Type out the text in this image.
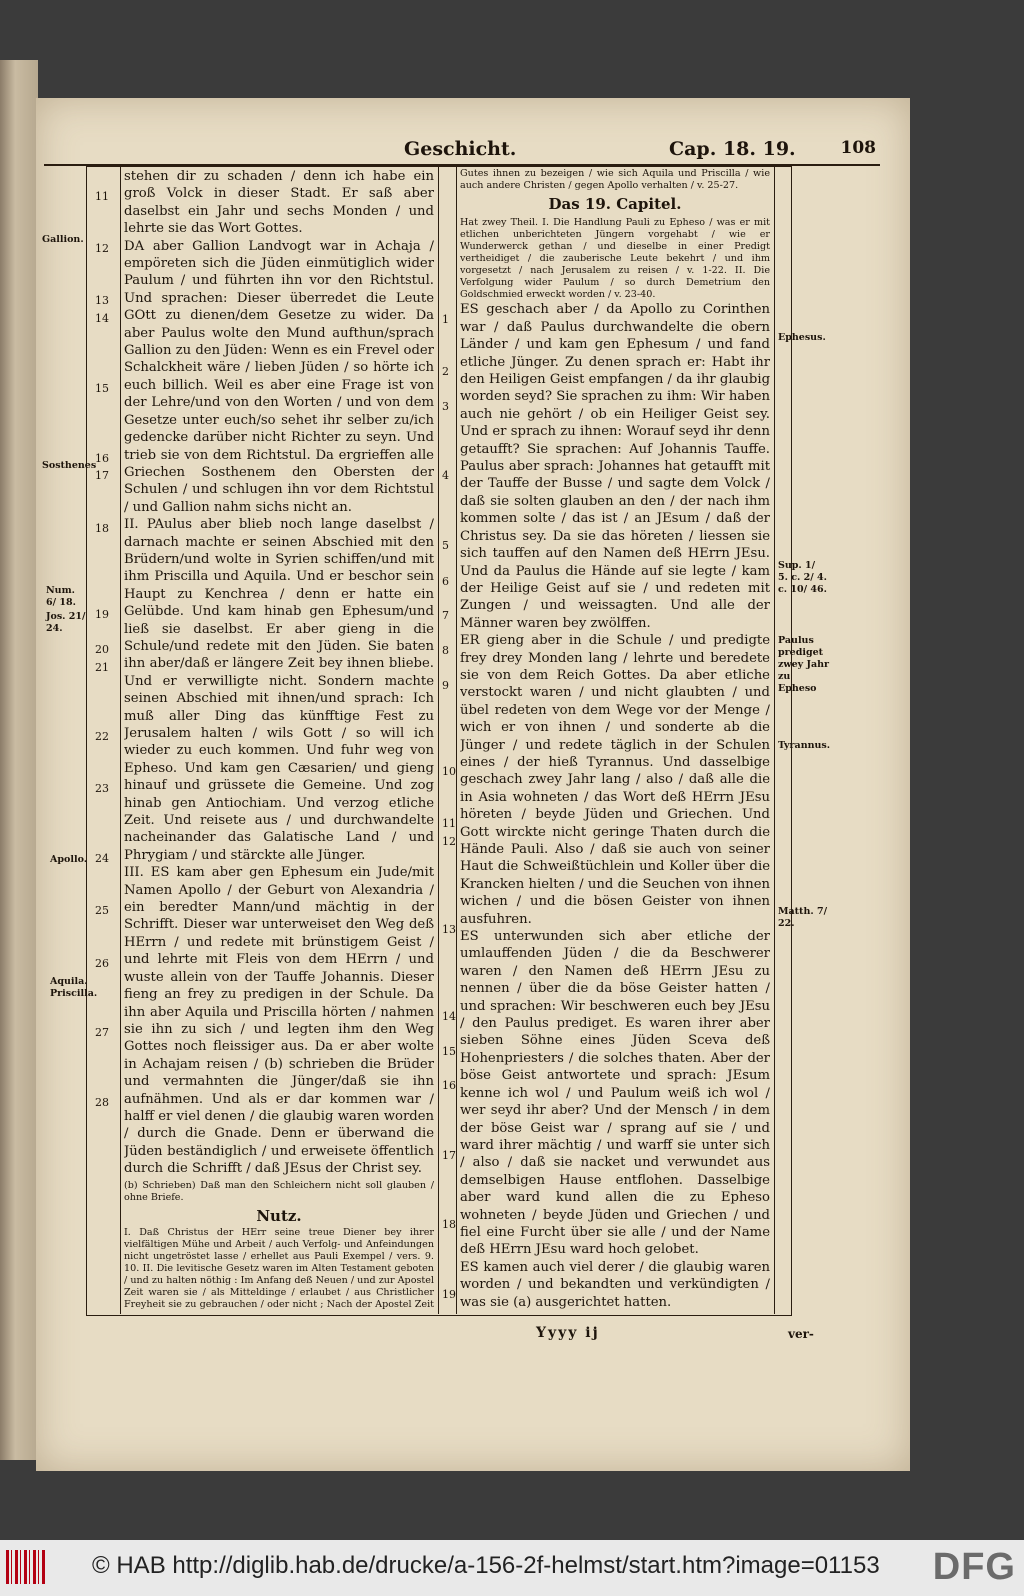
Geschicht.	Cap. 18. 19.	108
Gallion.
Sosthenes
Num. 6/ 18.
Jos. 21/ 24.
Apollo.
Aquila. Priscilla.
11
12
13
14
15
16
17
18
19
20
21
22
23
24
25
26
27
28

stehen dir zu schaden / denn ich habe ein groß Volck in dieser Stadt. Er saß aber daselbst ein Jahr und sechs Monden / und lehrte sie das Wort Gottes.

DA aber Gallion Landvogt war in Achaja / empöreten sich die Jüden einmütiglich wider Paulum / und führten ihn vor den Richtstul. Und sprachen: Dieser überredet die Leute GOtt zu dienen/dem Gesetze zu wider. Da aber Paulus wolte den Mund aufthun/sprach Gallion zu den Jüden: Wenn es ein Frevel oder Schalckheit wäre / lieben Jüden / so hörte ich euch billich. Weil es aber eine Frage ist von der Lehre/und von den Worten / und von dem Gesetze unter euch/so sehet ihr selber zu/ich gedencke darüber nicht Richter zu seyn. Und trieb sie von dem Richtstul. Da ergrieffen alle Griechen Sosthenem den Obersten der Schulen / und schlugen ihn vor dem Richtstul / und Gallion nahm sichs nicht an.

II. PAulus aber blieb noch lange daselbst / darnach machte er seinen Abschied mit den Brüdern/und wolte in Syrien schiffen/und mit ihm Priscilla und Aquila. Und er beschor sein Haupt zu Kenchrea / denn er hatte ein Gelübde. Und kam hinab gen Ephesum/und ließ sie daselbst. Er aber gieng in die Schule/und redete mit den Jüden. Sie baten ihn aber/daß er längere Zeit bey ihnen bliebe. Und er verwilligte nicht. Sondern machte seinen Abschied mit ihnen/und sprach: Ich muß aller Ding das künfftige Fest zu Jerusalem halten / wils Gott / so will ich wieder zu euch kommen. Und fuhr weg von Epheso. Und kam gen Cæsarien/ und gieng hinauf und grüssete die Gemeine. Und zog hinab gen Antiochiam. Und verzog etliche Zeit. Und reisete aus / und durchwandelte nacheinander das Galatische Land / und Phrygiam / und stärckte alle Jünger.

III. ES kam aber gen Ephesum ein Jude/mit Namen Apollo / der Geburt von Alexandria / ein beredter Mann/und mächtig in der Schrifft. Dieser war unterweiset den Weg deß HErrn / und redete mit brünstigem Geist / und lehrte mit Fleis von dem HErrn / und wuste allein von der Tauffe Johannis. Dieser fieng an frey zu predigen in der Schule. Da ihn aber Aquila und Priscilla hörten / nahmen sie ihn zu sich / und legten ihm den Weg Gottes noch fleissiger aus. Da er aber wolte in Achajam reisen / (b) schrieben die Brüder und vermahnten die Jünger/daß sie ihn aufnähmen. Und als er dar kommen war / halff er viel denen / die glaubig waren worden / durch die Gnade. Denn er überwand die Jüden beständiglich / und erweisete öffentlich durch die Schrifft / daß JEsus der Christ sey.

(b) Schrieben) Daß man den Schleichern nicht soll glauben / ohne Briefe.

Nutz.

I. Daß Christus der HErr seine treue Diener bey ihrer vielfältigen Mühe und Arbeit / auch Verfolg- und Anfeindungen nicht ungetröstet lasse / erhellet aus Pauli Exempel / vers. 9. 10. II. Die levitische Gesetz waren im Alten Testament geboten / und zu halten nöthig : Im Anfang deß Neuen / und zur Apostel Zeit waren sie / als Mitteldinge / erlaubet / aus Christlicher Freyheit sie zu gebrauchen / oder nicht ; Nach der Apostel Zeit

1
2
3
4
5
6
7
8
9
10
11
12
13
14
15
16
17
18
19

Gutes ihnen zu bezeigen / wie sich Aquila und Priscilla / wie auch andere Christen / gegen Apollo verhalten / v. 25-27.

Das 19. Capitel.

Hat zwey Theil. I. Die Handlung Pauli zu Epheso / was er mit etlichen unberichteten Jüngern vorgehabt / wie er Wunderwerck gethan / und dieselbe in einer Predigt vertheidiget / die zauberische Leute bekehrt / und ihm vorgesetzt / nach Jerusalem zu reisen / v. 1-22. II. Die Verfolgung wider Paulum / so durch Demetrium den Goldschmied erweckt worden / v. 23-40.

ES geschach aber / da Apollo zu Corinthen war / daß Paulus durchwandelte die obern Länder / und kam gen Ephesum / und fand etliche Jünger. Zu denen sprach er: Habt ihr den Heiligen Geist empfangen / da ihr glaubig worden seyd? Sie sprachen zu ihm: Wir haben auch nie gehört / ob ein Heiliger Geist sey. Und er sprach zu ihnen: Worauf seyd ihr denn getaufft? Sie sprachen: Auf Johannis Tauffe. Paulus aber sprach: Johannes hat getaufft mit der Tauffe der Busse / und sagte dem Volck / daß sie solten glauben an den / der nach ihm kommen solte / das ist / an JEsum / daß der Christus sey. Da sie das höreten / liessen sie sich tauffen auf den Namen deß HErrn JEsu. Und da Paulus die Hände auf sie legte / kam der Heilige Geist auf sie / und redeten mit Zungen / und weissagten. Und alle der Männer waren bey zwölffen.

ER gieng aber in die Schule / und predigte frey drey Monden lang / lehrte und beredete sie von dem Reich Gottes. Da aber etliche verstockt waren / und nicht glaubten / und übel redeten von dem Wege vor der Menge / wich er von ihnen / und sonderte ab die Jünger / und redete täglich in der Schulen eines / der hieß Tyrannus. Und dasselbige geschach zwey Jahr lang / also / daß alle die in Asia wohneten / das Wort deß HErrn JEsu höreten / beyde Jüden und Griechen. Und Gott wirckte nicht geringe Thaten durch die Hände Pauli. Also / daß sie auch von seiner Haut die Schweißtüchlein und Koller über die Krancken hielten / und die Seuchen von ihnen wichen / und die bösen Geister von ihnen ausfuhren.

ES unterwunden sich aber etliche der umlauffenden Jüden / die da Beschwerer waren / den Namen deß HErrn JEsu zu nennen / über die da böse Geister hatten / und sprachen: Wir beschweren euch bey JEsu / den Paulus prediget. Es waren ihrer aber sieben Söhne eines Jüden Sceva deß Hohenpriesters / die solches thaten. Aber der böse Geist antwortete und sprach: JEsum kenne ich wol / und Paulum weiß ich wol / wer seyd ihr aber? Und der Mensch / in dem der böse Geist war / sprang auf sie / und ward ihrer mächtig / und warff sie unter sich / also / daß sie nacket und verwundet aus demselbigen Hause entflohen. Dasselbige aber ward kund allen die zu Epheso wohneten / beyde Jüden und Griechen / und fiel eine Furcht über sie alle / und der Name deß HErrn JEsu ward hoch gelobet.

ES kamen auch viel derer / die glaubig waren worden / und bekandten und verkündigten / was sie (a) ausgerichtet hatten.

Ephesus.
Sup. 1/ 5. c. 2/ 4. c. 10/ 46.
Paulus prediget zwey Jahr zu Epheso
Tyrannus.
Matth. 7/ 22.
Yyyy ij	ver-
© HAB http://diglib.hab.de/drucke/a-156-2f-helmst/start.htm?image=01153 DFG
